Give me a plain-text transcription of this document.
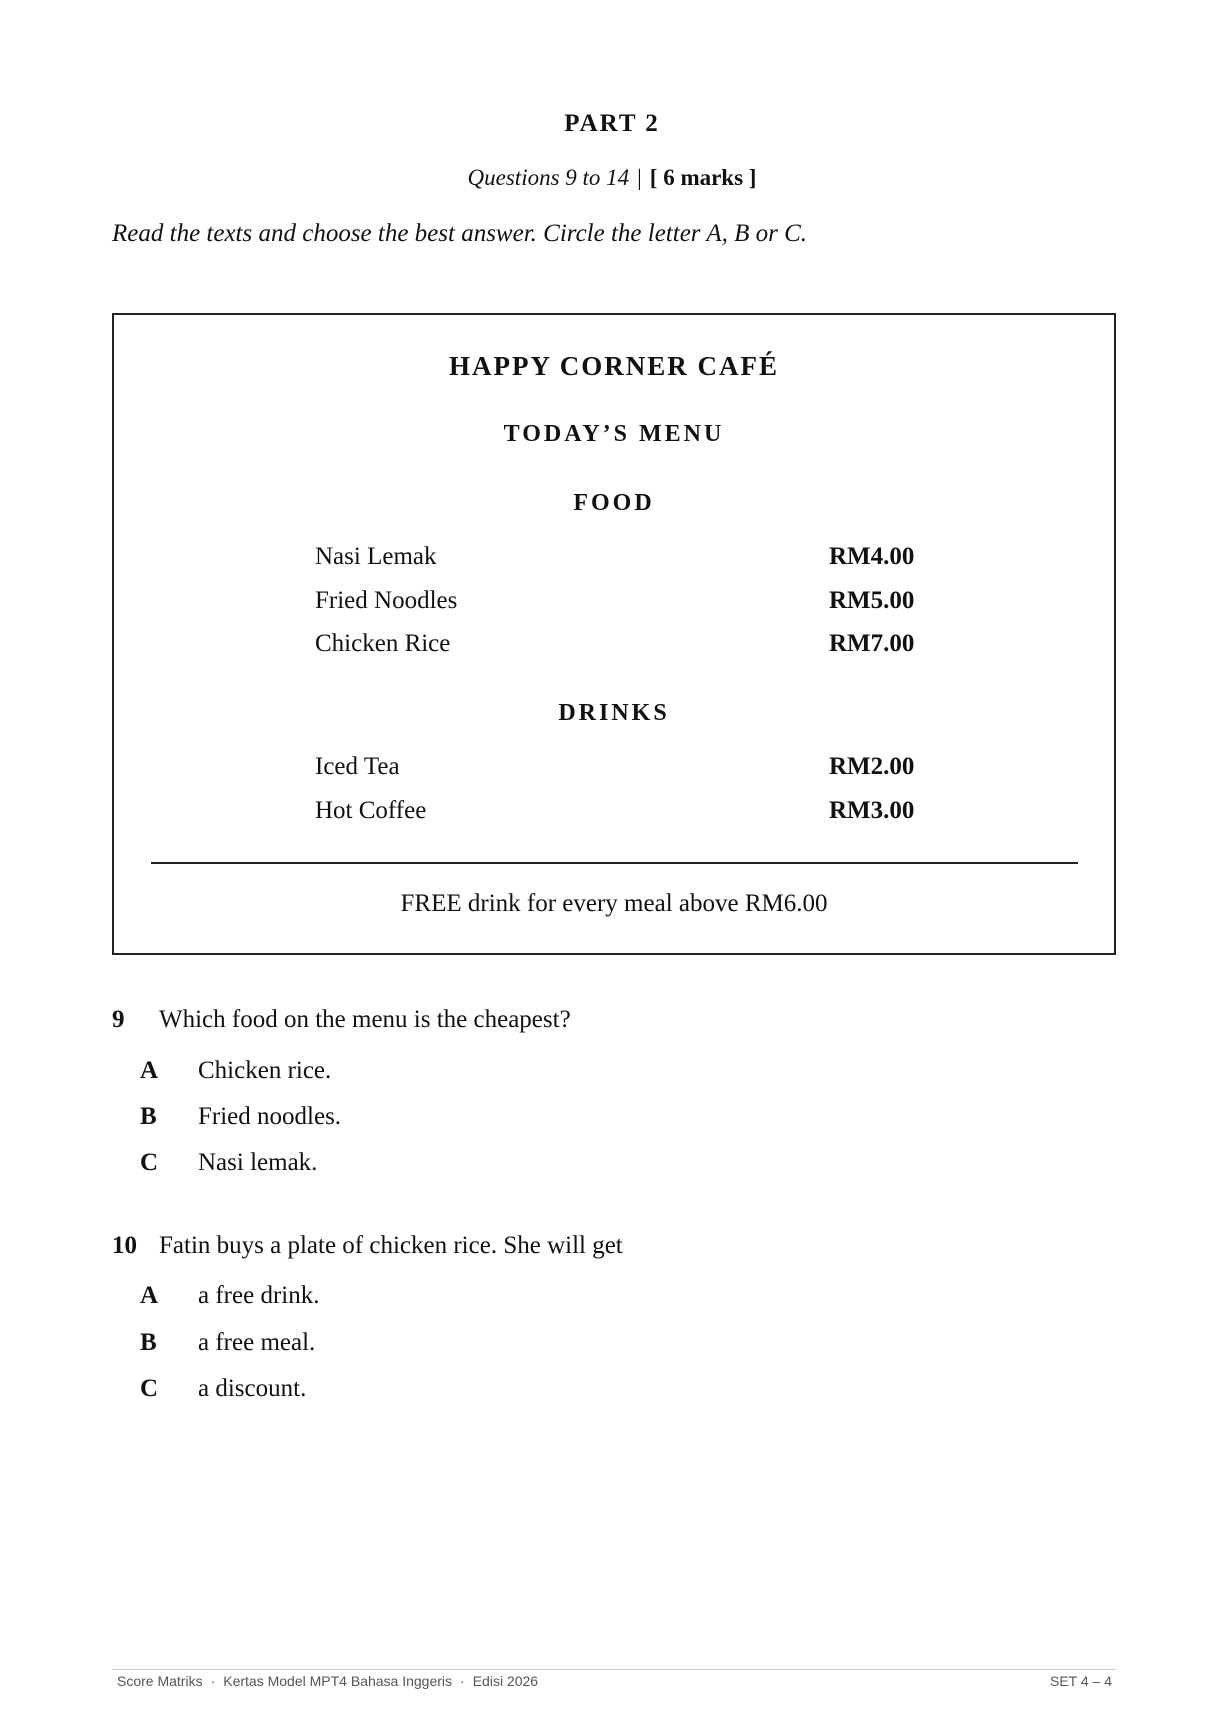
PART 2
Questions 9 to 14 | [ 6 marks ]
Read the texts and choose the best answer. Circle the letter A, B or C.
HAPPY CORNER CAFÉ
TODAY’S MENU
FOOD
Nasi Lemak	RM4.00
Fried Noodles	RM5.00
Chicken Rice	RM7.00
DRINKS
Iced Tea	RM2.00
Hot Coffee	RM3.00
FREE drink for every meal above RM6.00
9 Which food on the menu is the cheapest?
A Chicken rice.
B Fried noodles.
C Nasi lemak.
10 Fatin buys a plate of chicken rice. She will get
A a free drink.
B a free meal.
C a discount.
Score Matriks · Kertas Model MPT4 Bahasa Inggeris · Edisi 2026	SET 4 – 4
